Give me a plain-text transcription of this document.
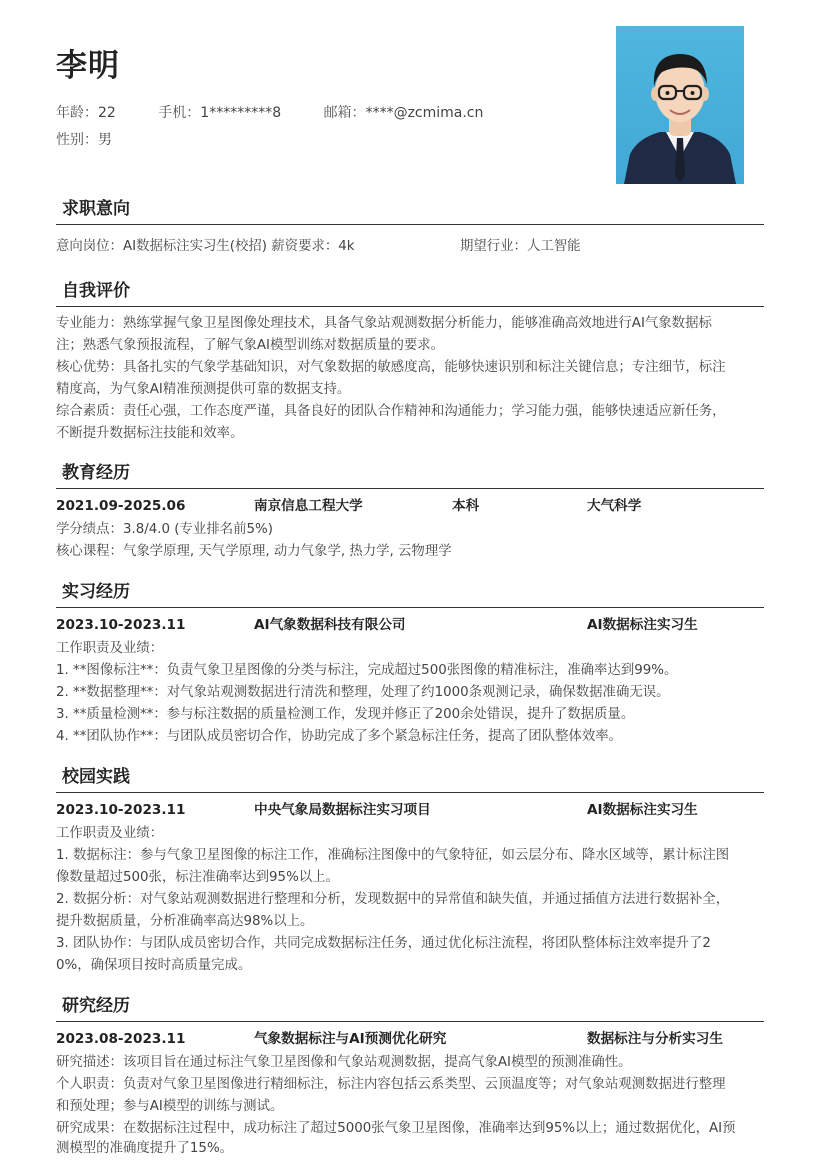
李明
年龄：22	手机：1*********8	邮箱：****@zcmima.cn
性别：男
求职意向
意向岗位：AI数据标注实习生(校招) 薪资要求：4k	期望行业：人工智能
自我评价
专业能力：熟练掌握气象卫星图像处理技术，具备气象站观测数据分析能力，能够准确高效地进行AI气象数据标
注；熟悉气象预报流程，了解气象AI模型训练对数据质量的要求。
核心优势：具备扎实的气象学基础知识，对气象数据的敏感度高，能够快速识别和标注关键信息；专注细节，标注
精度高，为气象AI精准预测提供可靠的数据支持。
综合素质：责任心强，工作态度严谨，具备良好的团队合作精神和沟通能力；学习能力强，能够快速适应新任务，
不断提升数据标注技能和效率。
教育经历
2021.09-2025.06	南京信息工程大学	本科	大气科学
学分绩点：3.8/4.0 (专业排名前5%)
核心课程：气象学原理, 天气学原理, 动力气象学, 热力学, 云物理学
实习经历
2023.10-2023.11	AI气象数据科技有限公司	AI数据标注实习生
工作职责及业绩：
1. **图像标注**：负责气象卫星图像的分类与标注，完成超过500张图像的精准标注，准确率达到99%。
2. **数据整理**：对气象站观测数据进行清洗和整理，处理了约1000条观测记录，确保数据准确无误。
3. **质量检测**：参与标注数据的质量检测工作，发现并修正了200余处错误，提升了数据质量。
4. **团队协作**：与团队成员密切合作，协助完成了多个紧急标注任务，提高了团队整体效率。
校园实践
2023.10-2023.11	中央气象局数据标注实习项目	AI数据标注实习生
工作职责及业绩：
1. 数据标注：参与气象卫星图像的标注工作，准确标注图像中的气象特征，如云层分布、降水区域等，累计标注图
像数量超过500张，标注准确率达到95%以上。
2. 数据分析：对气象站观测数据进行整理和分析，发现数据中的异常值和缺失值，并通过插值方法进行数据补全，
提升数据质量，分析准确率高达98%以上。
3. 团队协作：与团队成员密切合作，共同完成数据标注任务，通过优化标注流程，将团队整体标注效率提升了2
0%，确保项目按时高质量完成。
研究经历
2023.08-2023.11	气象数据标注与AI预测优化研究	数据标注与分析实习生
研究描述：该项目旨在通过标注气象卫星图像和气象站观测数据，提高气象AI模型的预测准确性。
个人职责：负责对气象卫星图像进行精细标注，标注内容包括云系类型、云顶温度等；对气象站观测数据进行整理
和预处理；参与AI模型的训练与测试。
研究成果：在数据标注过程中，成功标注了超过5000张气象卫星图像，准确率达到95%以上；通过数据优化，AI预
测模型的准确度提升了15%。
